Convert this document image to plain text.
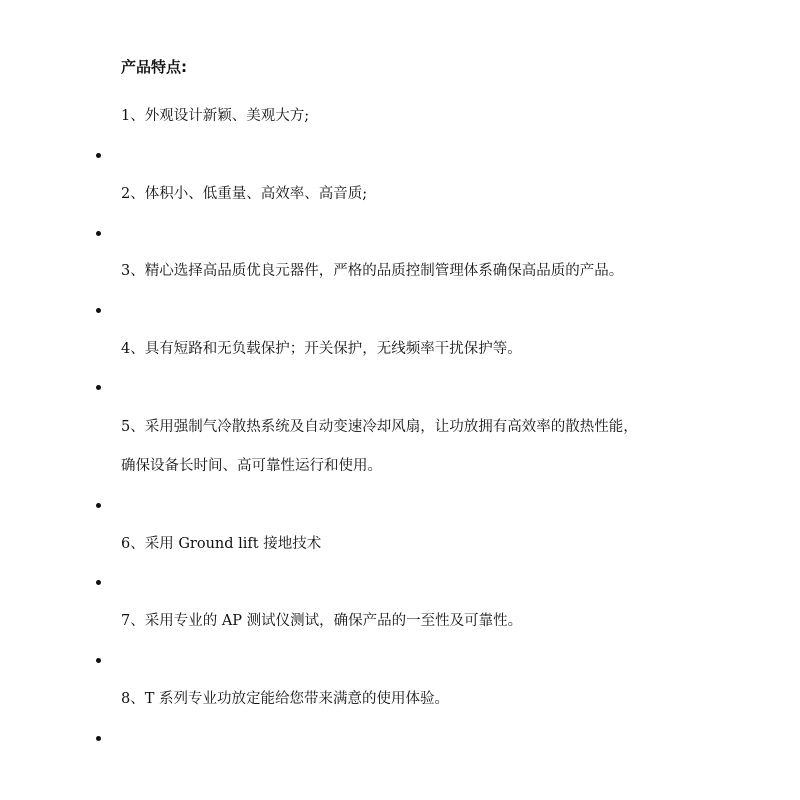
产品特点:
1、外观设计新颖、美观大方;
2、体积小、低重量、高效率、高音质;
3、精心选择高品质优良元器件，严格的品质控制管理体系确保高品质的产品。
4、具有短路和无负载保护；开关保护，无线频率干扰保护等。
5、采用强制气冷散热系统及自动变速冷却风扇，让功放拥有高效率的散热性能，
确保设备长时间、高可靠性运行和使用。
6、采用 Ground lift 接地技术
7、采用专业的 AP 测试仪测试，确保产品的一至性及可靠性。
8、T 系列专业功放定能给您带来满意的使用体验。
